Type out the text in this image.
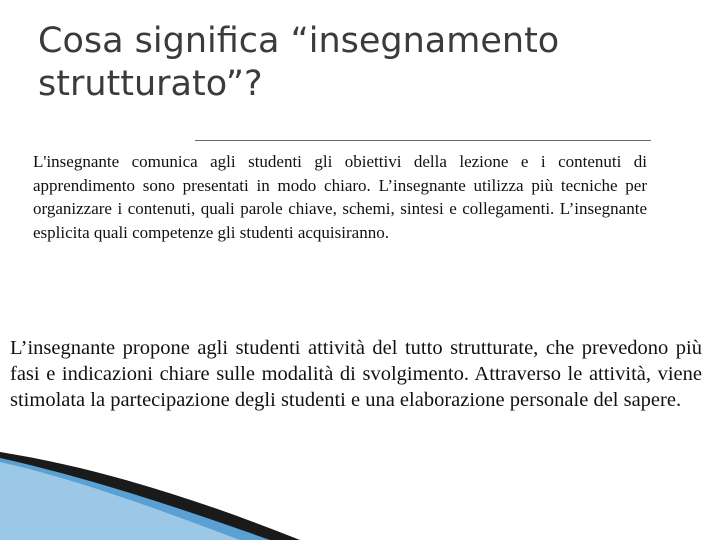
Cosa significa “insegnamento strutturato”?

L'insegnante comunica agli studenti gli obiettivi della lezione e i contenuti di apprendimento sono presentati in modo chiaro. L’insegnante utilizza più tecniche per organizzare i contenuti, quali parole chiave, schemi, sintesi e collegamenti. L’insegnante esplicita quali competenze gli studenti acquisiranno.

L’insegnante propone agli studenti attività del tutto strutturate, che prevedono più fasi e indicazioni chiare sulle modalità di svolgimento. Attraverso le attività, viene stimolata la partecipazione degli studenti e una elaborazione personale del sapere.
